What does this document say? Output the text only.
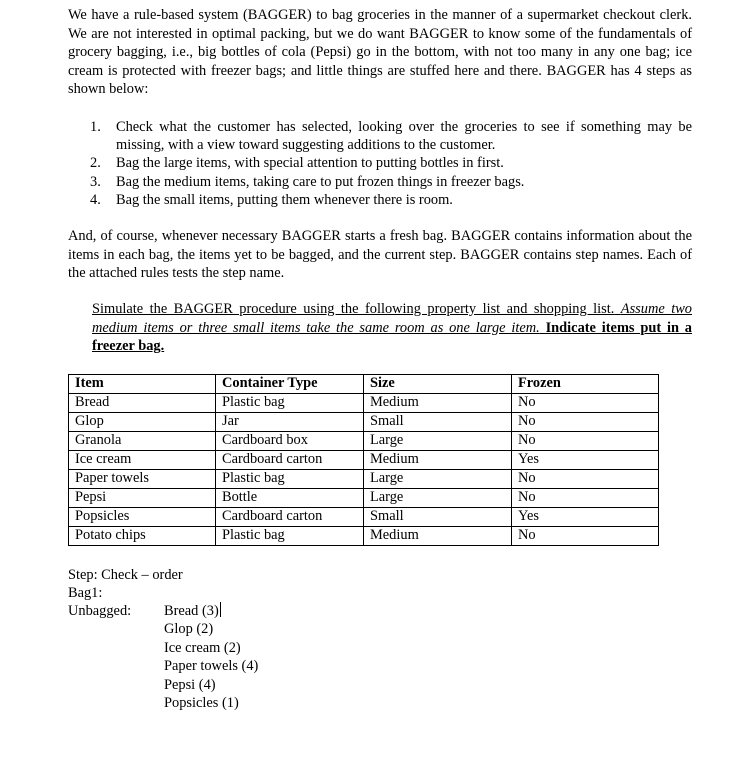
We have a rule-based system (BAGGER) to bag groceries in the manner of a supermarket checkout clerk. We are not interested in optimal packing, but we do want BAGGER to know some of the fundamentals of grocery bagging, i.e., big bottles of cola (Pepsi) go in the bottom, with not too many in any one bag; ice cream is protected with freezer bags; and little things are stuffed here and there. BAGGER has 4 steps as shown below:

1. Check what the customer has selected, looking over the groceries to see if something may be missing, with a view toward suggesting additions to the customer.
2. Bag the large items, with special attention to putting bottles in first.
3. Bag the medium items, taking care to put frozen things in freezer bags.
4. Bag the small items, putting them whenever there is room.

And, of course, whenever necessary BAGGER starts a fresh bag. BAGGER contains information about the items in each bag, the items yet to be bagged, and the current step. BAGGER contains step names. Each of the attached rules tests the step name.

Simulate the BAGGER procedure using the following property list and shopping list. Assume two medium items or three small items take the same room as one large item. Indicate items put in a freezer bag.

Item	Container Type	Size	Frozen
Bread	Plastic bag	Medium	No
Glop	Jar	Small	No
Granola	Cardboard box	Large	No
Ice cream	Cardboard carton	Medium	Yes
Paper towels	Plastic bag	Large	No
Pepsi	Bottle	Large	No
Popsicles	Cardboard carton	Small	Yes
Potato chips	Plastic bag	Medium	No
Step: Check – order
Bag1:
Unbagged: Bread (3)
Glop (2)
Ice cream (2)
Paper towels (4)
Pepsi (4)
Popsicles (1)
